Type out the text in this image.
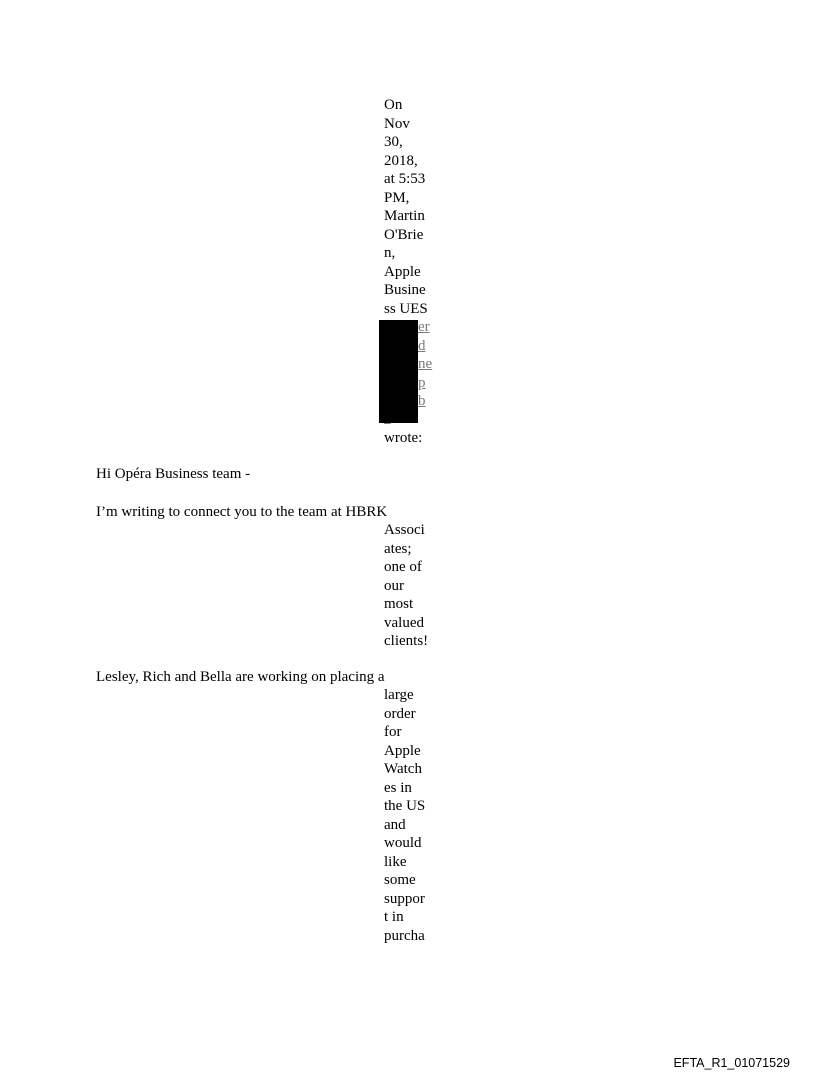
On
Nov
30,
2018,
at 5:53
PM,
Martin
O'Brie
n,
Apple
Busine
ss UES
er
d
ne
p
b
wrote:
Hi Opéra Business team -
I’m writing to connect you to the team at HBRK
Associ
ates;
one of
our
most
valued
clients!
Lesley, Rich and Bella are working on placing a
large
order
for
Apple
Watch
es in
the US
and
would
like
some
suppor
t in
purcha
EFTA_R1_01071529
